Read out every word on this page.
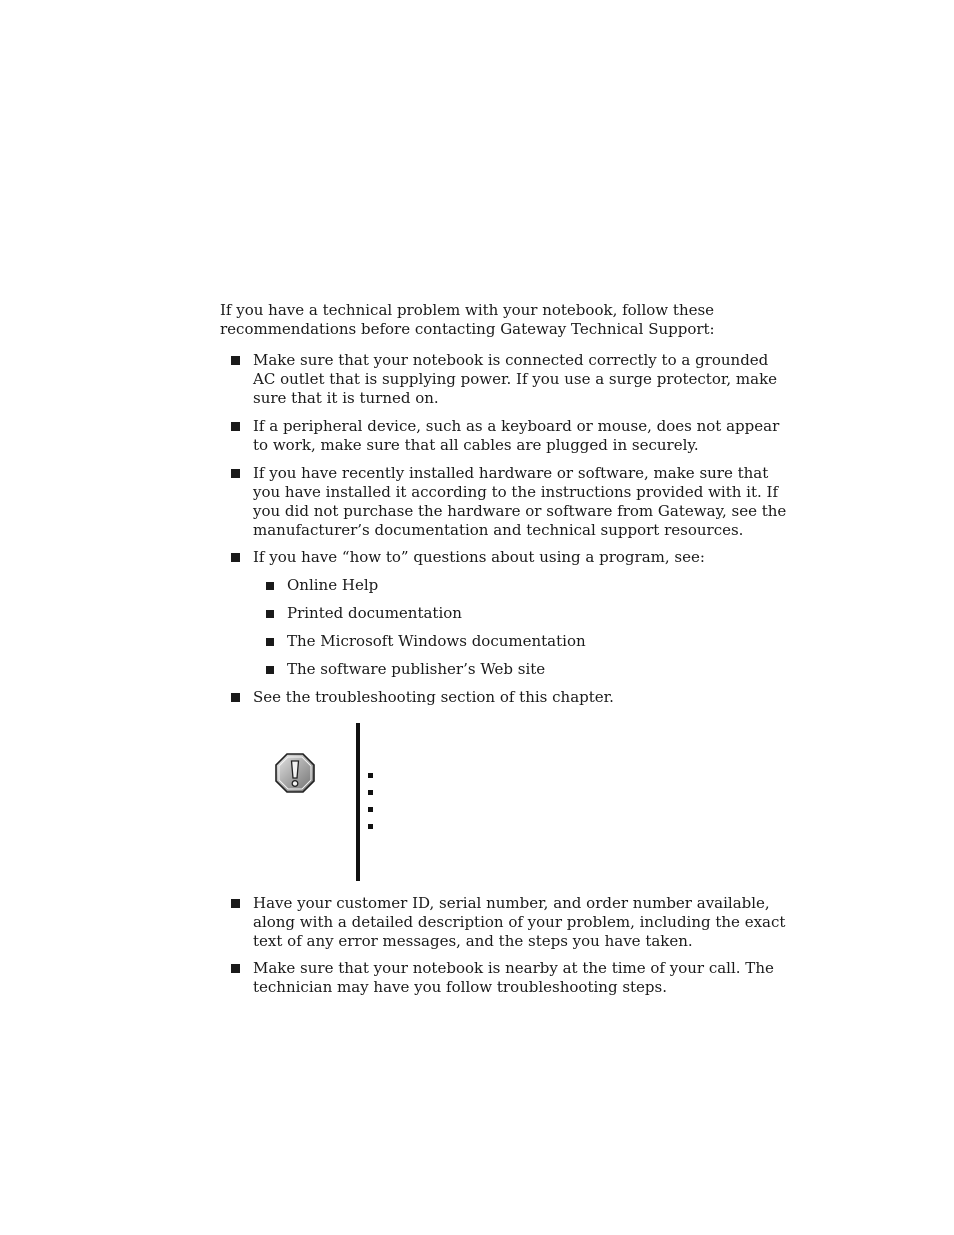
If you have a technical problem with your notebook, follow these recommendations before contacting Gateway Technical Support:

Make sure that your notebook is connected correctly to a grounded AC outlet that is supplying power. If you use a surge protector, make sure that it is turned on.
If a peripheral device, such as a keyboard or mouse, does not appear to work, make sure that all cables are plugged in securely.
If you have recently installed hardware or software, make sure that you have installed it according to the instructions provided with it. If you did not purchase the hardware or software from Gateway, see the manufacturer’s documentation and technical support resources.
If you have “how to” questions about using a program, see:
Online Help
Printed documentation
The Microsoft Windows documentation
The software publisher’s Web site
See the troubleshooting section of this chapter.
Have your customer ID, serial number, and order number available, along with a detailed description of your problem, including the exact text of any error messages, and the steps you have taken.
Make sure that your notebook is nearby at the time of your call. The technician may have you follow troubleshooting steps.
